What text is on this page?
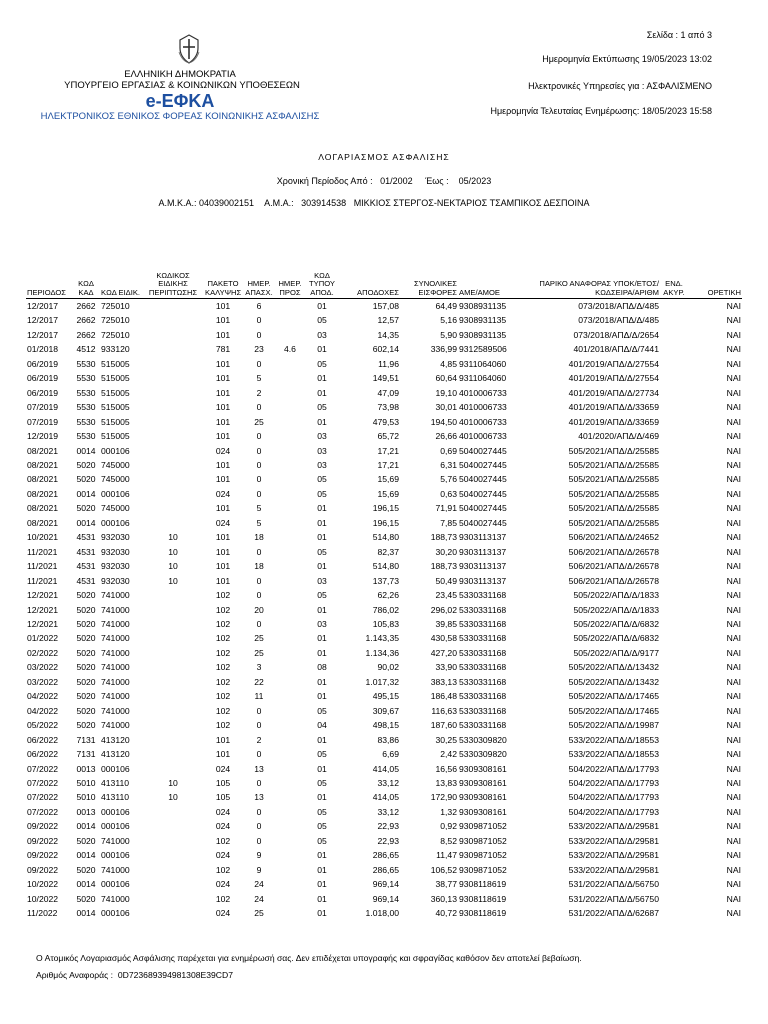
ΕΛΛΗΝΙΚΗ ΔΗΜΟΚΡΑΤΙΑ
ΥΠΟΥΡΓΕΙΟ ΕΡΓΑΣΙΑΣ & ΚΟΙΝΩΝΙΚΩΝ ΥΠΟΘΕΣΕΩΝ
e-ΕΦΚΑ
ΗΛΕΚΤΡΟΝΙΚΟΣ ΕΘΝΙΚΟΣ ΦΟΡΕΑΣ ΚΟΙΝΩΝΙΚΗΣ ΑΣΦΑΛΙΣΗΣ
Σελίδα : 1 από 3
Ημερομηνία Εκτύπωσης 19/05/2023 13:02
Ηλεκτρονικές Υπηρεσίες για : ΑΣΦΑΛΙΣΜΕΝΟ
Ημερομηνία Τελευταίας Ενημέρωσης: 18/05/2023 15:58
ΛΟΓΑΡΙΑΣΜΟΣ ΑΣΦΑΛΙΣΗΣ
Χρονική Περίοδος Από : 01/2002 Έως : 05/2023
Α.Μ.Κ.Α.: 04039002151 Α.Μ.Α.: 303914538 ΜΙΚΚΙΟΣ ΣΤΕΡΓΟΣ-ΝΕΚΤΑΡΙΟΣ ΤΣΑΜΠΙΚΟΣ ΔΕΣΠΟΙΝΑ
ΠΕΡΙΟΔΟΣ	ΚΩΔ ΚΑΔ	ΚΩΔ ΕΙΔΙΚ.	ΚΩΔΙΚΟΣ ΕΙΔΙΚΗΣ ΠΕΡΙΠΤΩΣΗΣ	ΠΑΚΕΤΟ ΚΑΛΥΨΗΣ	ΗΜΕΡ. ΑΠΑΣΧ.	ΗΜΕΡ. ΠΡΟΣ	ΚΩΔ ΤΥΠΟΥ ΑΠΟΔ.	ΑΠΟΔΟΧΕΣ	ΣΥΝΟΛΙΚΕΣ ΕΙΣΦΟΡΕΣ	ΑΜΕ/ΑΜΟΕ	ΠΑΡΙΚΟ ΑΝΑΦΟΡΑΣ ΥΠΟΚ/ΕΤΟΣ/ΚΩΔΣΕΙΡΑ/ΑΡΙΘΜ	ΕΝΔ. ΑΚΥΡ.	ΟΡΕΤΙΚΗ
12/2017	2662	725010		101	6		01	157,08	64,49	9308931135	073/2018/ΑΠΔ/Δ/485		ΝΑΙ
12/2017	2662	725010		101	0		05	12,57	5,16	9308931135	073/2018/ΑΠΔ/Δ/485		ΝΑΙ
12/2017	2662	725010		101	0		03	14,35	5,90	9308931135	073/2018/ΑΠΔ/Δ/2654		ΝΑΙ
01/2018	4512	933120		781	23	4.6	01	602,14	336,99	9312589506	401/2018/ΑΠΔ/Δ/7441		ΝΑΙ
06/2019	5530	515005		101	0		05	11,96	4,85	9311064060	401/2019/ΑΠΔ/Δ/27554		ΝΑΙ
06/2019	5530	515005		101	5		01	149,51	60,64	9311064060	401/2019/ΑΠΔ/Δ/27554		ΝΑΙ
06/2019	5530	515005		101	2		01	47,09	19,10	4010006733	401/2019/ΑΠΔ/Δ/27734		ΝΑΙ
07/2019	5530	515005		101	0		05	73,98	30,01	4010006733	401/2019/ΑΠΔ/Δ/33659		ΝΑΙ
07/2019	5530	515005		101	25		01	479,53	194,50	4010006733	401/2019/ΑΠΔ/Δ/33659		ΝΑΙ
12/2019	5530	515005		101	0		03	65,72	26,66	4010006733	401/2020/ΑΠΔ/Δ/469		ΝΑΙ
08/2021	0014	000106		024	0		03	17,21	0,69	5040027445	505/2021/ΑΠΔ/Δ/25585		ΝΑΙ
08/2021	5020	745000		101	0		03	17,21	6,31	5040027445	505/2021/ΑΠΔ/Δ/25585		ΝΑΙ
08/2021	5020	745000		101	0		05	15,69	5,76	5040027445	505/2021/ΑΠΔ/Δ/25585		ΝΑΙ
08/2021	0014	000106		024	0		05	15,69	0,63	5040027445	505/2021/ΑΠΔ/Δ/25585		ΝΑΙ
08/2021	5020	745000		101	5		01	196,15	71,91	5040027445	505/2021/ΑΠΔ/Δ/25585		ΝΑΙ
08/2021	0014	000106		024	5		01	196,15	7,85	5040027445	505/2021/ΑΠΔ/Δ/25585		ΝΑΙ
10/2021	4531	932030	10	101	18		01	514,80	188,73	9303113137	506/2021/ΑΠΔ/Δ/24652		ΝΑΙ
11/2021	4531	932030	10	101	0		05	82,37	30,20	9303113137	506/2021/ΑΠΔ/Δ/26578		ΝΑΙ
11/2021	4531	932030	10	101	18		01	514,80	188,73	9303113137	506/2021/ΑΠΔ/Δ/26578		ΝΑΙ
11/2021	4531	932030	10	101	0		03	137,73	50,49	9303113137	506/2021/ΑΠΔ/Δ/26578		ΝΑΙ
12/2021	5020	741000		102	0		05	62,26	23,45	5330331168	505/2022/ΑΠΔ/Δ/1833		ΝΑΙ
12/2021	5020	741000		102	20		01	786,02	296,02	5330331168	505/2022/ΑΠΔ/Δ/1833		ΝΑΙ
12/2021	5020	741000		102	0		03	105,83	39,85	5330331168	505/2022/ΑΠΔ/Δ/6832		ΝΑΙ
01/2022	5020	741000		102	25		01	1.143,35	430,58	5330331168	505/2022/ΑΠΔ/Δ/6832		ΝΑΙ
02/2022	5020	741000		102	25		01	1.134,36	427,20	5330331168	505/2022/ΑΠΔ/Δ/9177		ΝΑΙ
03/2022	5020	741000		102	3		08	90,02	33,90	5330331168	505/2022/ΑΠΔ/Δ/13432		ΝΑΙ
03/2022	5020	741000		102	22		01	1.017,32	383,13	5330331168	505/2022/ΑΠΔ/Δ/13432		ΝΑΙ
04/2022	5020	741000		102	11		01	495,15	186,48	5330331168	505/2022/ΑΠΔ/Δ/17465		ΝΑΙ
04/2022	5020	741000		102	0		05	309,67	116,63	5330331168	505/2022/ΑΠΔ/Δ/17465		ΝΑΙ
05/2022	5020	741000		102	0		04	498,15	187,60	5330331168	505/2022/ΑΠΔ/Δ/19987		ΝΑΙ
06/2022	7131	413120		101	2		01	83,86	30,25	5330309820	533/2022/ΑΠΔ/Δ/18553		ΝΑΙ
06/2022	7131	413120		101	0		05	6,69	2,42	5330309820	533/2022/ΑΠΔ/Δ/18553		ΝΑΙ
07/2022	0013	000106		024	13		01	414,05	16,56	9309308161	504/2022/ΑΠΔ/Δ/17793		ΝΑΙ
07/2022	5010	413110	10	105	0		05	33,12	13,83	9309308161	504/2022/ΑΠΔ/Δ/17793		ΝΑΙ
07/2022	5010	413110	10	105	13		01	414,05	172,90	9309308161	504/2022/ΑΠΔ/Δ/17793		ΝΑΙ
07/2022	0013	000106		024	0		05	33,12	1,32	9309308161	504/2022/ΑΠΔ/Δ/17793		ΝΑΙ
09/2022	0014	000106		024	0		05	22,93	0,92	9309871052	533/2022/ΑΠΔ/Δ/29581		ΝΑΙ
09/2022	5020	741000		102	0		05	22,93	8,52	9309871052	533/2022/ΑΠΔ/Δ/29581		ΝΑΙ
09/2022	0014	000106		024	9		01	286,65	11,47	9309871052	533/2022/ΑΠΔ/Δ/29581		ΝΑΙ
09/2022	5020	741000		102	9		01	286,65	106,52	9309871052	533/2022/ΑΠΔ/Δ/29581		ΝΑΙ
10/2022	0014	000106		024	24		01	969,14	38,77	9308118619	531/2022/ΑΠΔ/Δ/56750		ΝΑΙ
10/2022	5020	741000		102	24		01	969,14	360,13	9308118619	531/2022/ΑΠΔ/Δ/56750		ΝΑΙ
11/2022	0014	000106		024	25		01	1.018,00	40,72	9308118619	531/2022/ΑΠΔ/Δ/62687		ΝΑΙ
Ο Ατομικός Λογαριασμός Ασφάλισης παρέχεται για ενημέρωσή σας. Δεν επιδέχεται υπογραφής και σφραγίδας καθόσον δεν αποτελεί βεβαίωση.
Αριθμός Αναφοράς : 0D723689394981308E39CD7
